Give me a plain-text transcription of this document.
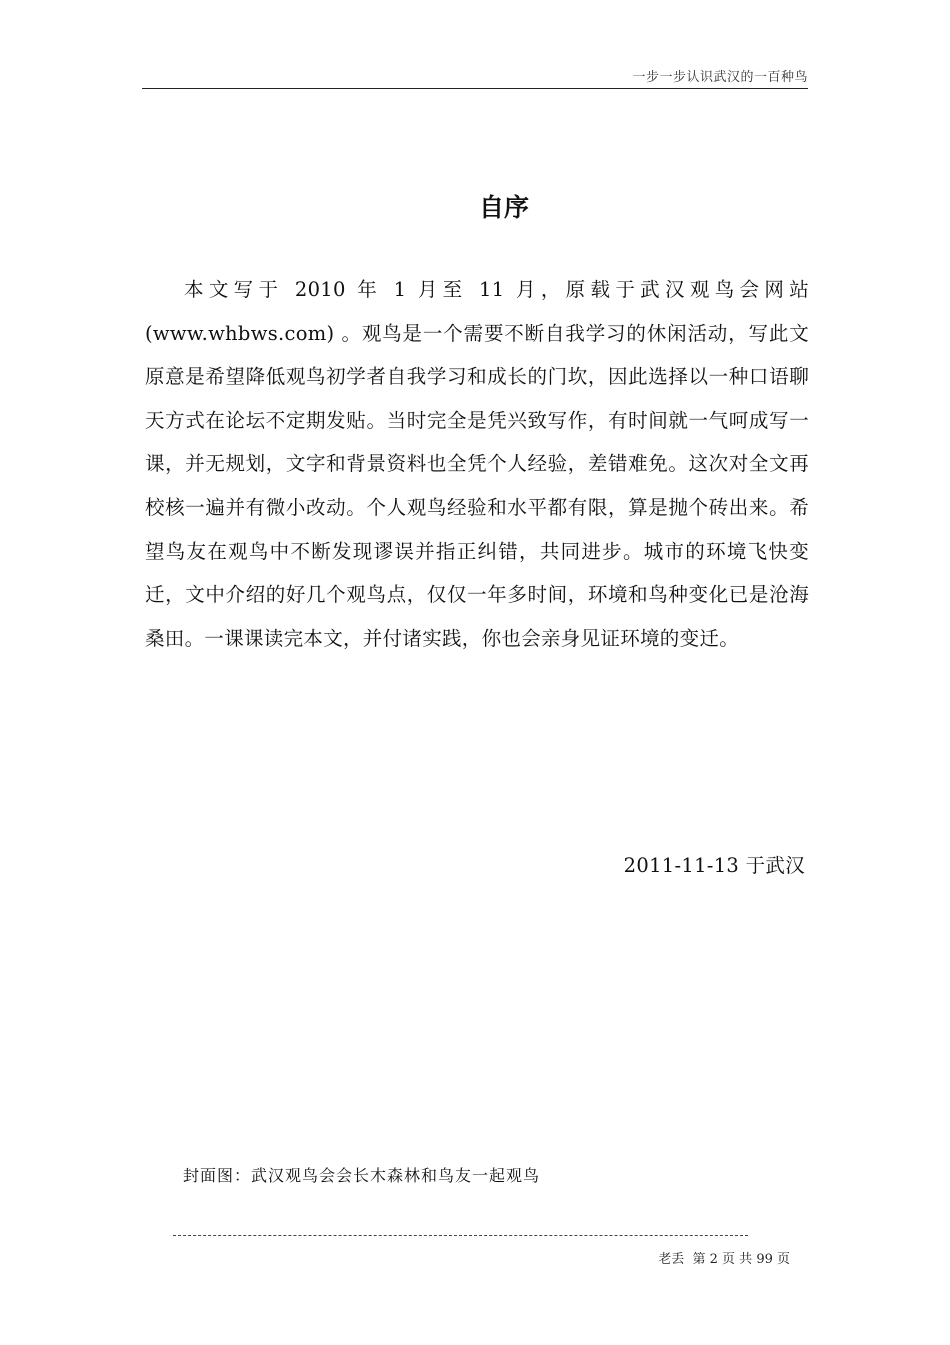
一步一步认识武汉的一百种鸟
自序

本文写于 2010 年 1 月至 11 月，原载于武汉观鸟会网站(www.whbws.com) 。观鸟是一个需要不断自我学习的休闲活动，写此文原意是希望降低观鸟初学者自我学习和成长的门坎，因此选择以一种口语聊天方式在论坛不定期发贴。当时完全是凭兴致写作，有时间就一气呵成写一课，并无规划，文字和背景资料也全凭个人经验，差错难免。这次对全文再校核一遍并有微小改动。个人观鸟经验和水平都有限，算是抛个砖出来。希望鸟友在观鸟中不断发现谬误并指正纠错，共同进步。城市的环境飞快变迁，文中介绍的好几个观鸟点，仅仅一年多时间，环境和鸟种变化已是沧海桑田。一课课读完本文，并付诸实践，你也会亲身见证环境的变迁。

2011-11-13 于武汉
封面图：武汉观鸟会会长木森林和鸟友一起观鸟
老丢  第 2 页 共 99 页
